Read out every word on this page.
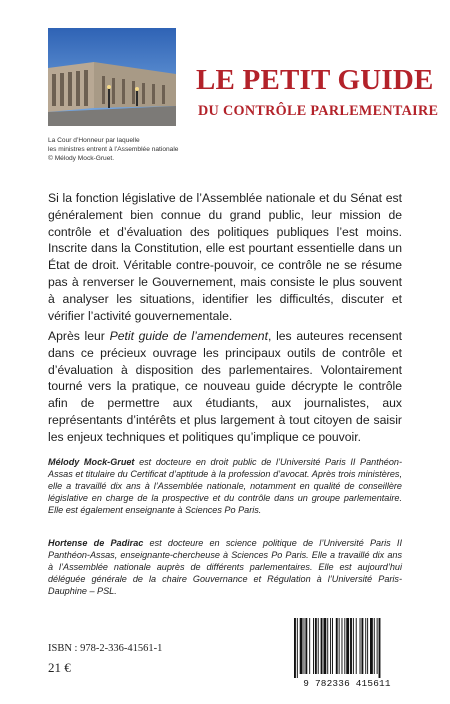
La Cour d’Honneur par laquelle
les ministres entrent à l’Assemblée nationale
© Mélody Mock-Gruet.
LE PETIT GUIDE
DU CONTRÔLE PARLEMENTAIRE
Si la fonction législative de l’Assemblée nationale et du Sénat est généralement bien connue du grand public, leur mission de contrôle et d’évaluation des politiques publiques l’est moins. Inscrite dans la Constitution, elle est pourtant essentielle dans un État de droit. Véritable contre-pouvoir, ce contrôle ne se résume pas à renverser le Gouvernement, mais consiste le plus souvent à analyser les situations, identifier les difficultés, discuter et vérifier l’activité gouvernementale.
Après leur Petit guide de l’amendement, les auteures recensent dans ce précieux ouvrage les principaux outils de contrôle et d’évaluation à disposition des parlementaires. Volontairement tourné vers la pratique, ce nouveau guide décrypte le contrôle afin de permettre aux étudiants, aux journalistes, aux représentants d’intérêts et plus largement à tout citoyen de saisir les enjeux techniques et politiques qu’implique ce pouvoir.
Mélody Mock-Gruet est docteure en droit public de l’Université Paris II Panthéon-Assas et titulaire du Certificat d’aptitude à la profession d’avocat. Après trois ministères, elle a travaillé dix ans à l’Assemblée nationale, notamment en qualité de conseillère législative en charge de la prospective et du contrôle dans un groupe parlementaire. Elle est également enseignante à Sciences Po Paris.
Hortense de Padirac est docteure en science politique de l’Université Paris II Panthéon-Assas, enseignante-chercheuse à Sciences Po Paris. Elle a travaillé dix ans à l’Assemblée nationale auprès de différents parlementaires. Elle est aujourd’hui déléguée générale de la chaire Gouvernance et Régulation à l’Université Paris-Dauphine – PSL.
ISBN : 978-2-336-41561-1
21 €
9 782336 415611
